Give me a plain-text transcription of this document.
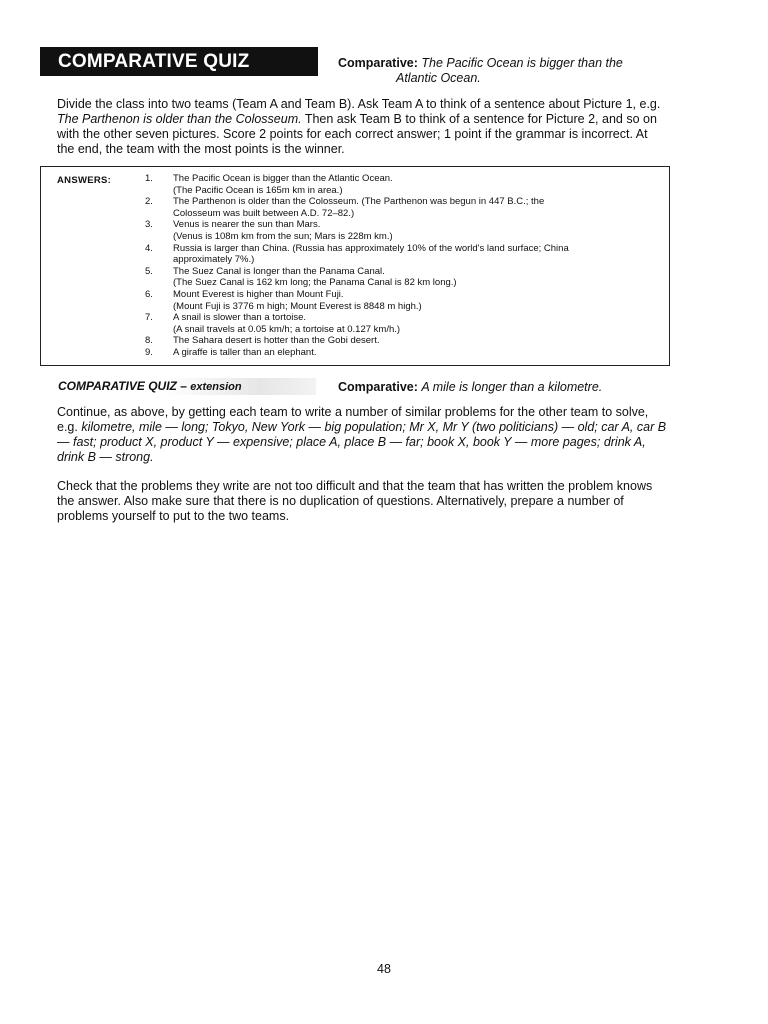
COMPARATIVE QUIZ	Comparative: The Pacific Ocean is bigger than the
Atlantic Ocean.
Divide the class into two teams (Team A and Team B). Ask Team A to think of a sentence about Picture 1, e.g. The Parthenon is older than the Colosseum. Then ask Team B to think of a sentence for Picture 2, and so on with the other seven pictures. Score 2 points for each correct answer; 1 point if the grammar is incorrect. At the end, the team with the most points is the winner.
ANSWERS:	1. The Pacific Ocean is bigger than the Atlantic Ocean.
(The Pacific Ocean is 165m km in area.)
2. The Parthenon is older than the Colosseum. (The Parthenon was begun in 447 B.C.; the
Colosseum was built between A.D. 72–82.)
3. Venus is nearer the sun than Mars.
(Venus is 108m km from the sun; Mars is 228m km.)
4. Russia is larger than China. (Russia has approximately 10% of the world's land surface; China
approximately 7%.)
5. The Suez Canal is longer than the Panama Canal.
(The Suez Canal is 162 km long; the Panama Canal is 82 km long.)
6. Mount Everest is higher than Mount Fuji.
(Mount Fuji is 3776 m high; Mount Everest is 8848 m high.)
7. A snail is slower than a tortoise.
(A snail travels at 0.05 km/h; a tortoise at 0.127 km/h.)
8. The Sahara desert is hotter than the Gobi desert.
9. A giraffe is taller than an elephant.
COMPARATIVE QUIZ – extension	Comparative: A mile is longer than a kilometre.
Continue, as above, by getting each team to write a number of similar problems for the other team to solve, e.g. kilometre, mile — long; Tokyo, New York — big population; Mr X, Mr Y (two politicians) — old; car A, car B — fast; product X, product Y — expensive; place A, place B — far; book X, book Y — more pages; drink A, drink B — strong.
Check that the problems they write are not too difficult and that the team that has written the problem knows the answer. Also make sure that there is no duplication of questions. Alternatively, prepare a number of problems yourself to put to the two teams.
48
